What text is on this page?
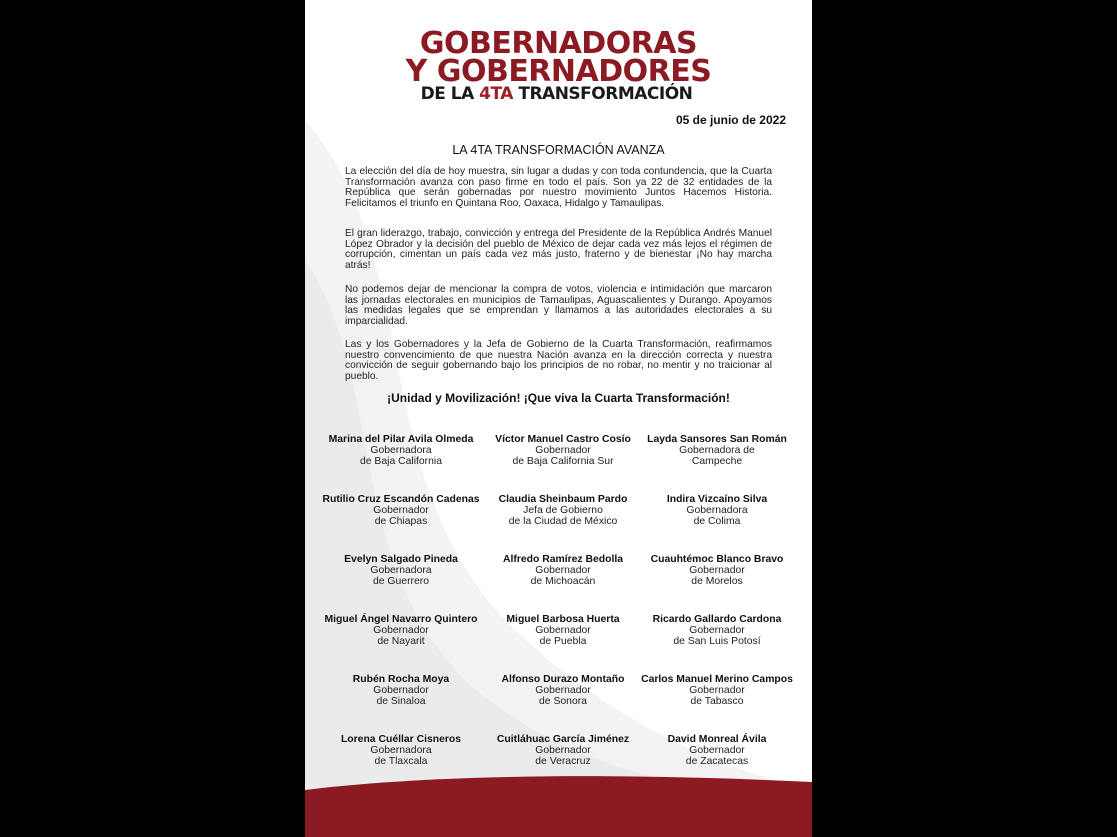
GOBERNADORAS
Y GOBERNADORES
DE LA 4TA TRANSFORMACIÓN
05 de junio de 2022
LA 4TA TRANSFORMACIÓN AVANZA

La elección del día de hoy muestra, sin lugar a dudas y con toda contundencia, que la Cuarta Transformación avanza con paso firme en todo el país. Son ya 22 de 32 entidades de la República que serán gobernadas por nuestro movimiento Juntos Hacemos Historia. Felicitamos el triunfo en Quintana Roo, Oaxaca, Hidalgo y Tamaulipas.

El gran liderazgo, trabajo, convicción y entrega del Presidente de la República Andrés Manuel López Obrador y la decisión del pueblo de México de dejar cada vez más lejos el régimen de corrupción, cimentan un país cada vez más justo, fraterno y de bienestar ¡No hay marcha atrás!

No podemos dejar de mencionar la compra de votos, violencia e intimidación que marcaron las jornadas electorales en municipios de Tamaulipas, Aguascalientes y Durango. Apoyamos las medidas legales que se emprendan y llamamos a las autoridades electorales a su imparcialidad.

Las y los Gobernadores y la Jefa de Gobierno de la Cuarta Transformación, reafirmamos nuestro convencimiento de que nuestra Nación avanza en la dirección correcta y nuestra convicción de seguir gobernando bajo los principios de no robar, no mentir y no traicionar al pueblo.

¡Unidad y Movilización! ¡Que viva la Cuarta Transformación!
Marina del Pilar Avila Olmeda
Gobernadora
de Baja California
Víctor Manuel Castro Cosío
Gobernador
de Baja California Sur
Layda Sansores San Román
Gobernadora de
Campeche
Rutilio Cruz Escandón Cadenas
Gobernador
de Chiapas
Claudia Sheinbaum Pardo
Jefa de Gobierno
de la Ciudad de México
Indira Vizcaíno Silva
Gobernadora
de Colima
Evelyn Salgado Pineda
Gobernadora
de Guerrero
Alfredo Ramírez Bedolla
Gobernador
de Michoacán
Cuauhtémoc Blanco Bravo
Gobernador
de Morelos
Miguel Ángel Navarro Quintero
Gobernador
de Nayarit
Miguel Barbosa Huerta
Gobernador
de Puebla
Ricardo Gallardo Cardona
Gobernador
de San Luis Potosí
Rubén Rocha Moya
Gobernador
de Sinaloa
Alfonso Durazo Montaño
Gobernador
de Sonora
Carlos Manuel Merino Campos
Gobernador
de Tabasco
Lorena Cuéllar Cisneros
Gobernadora
de Tlaxcala
Cuitláhuac García Jiménez
Gobernador
de Veracruz
David Monreal Ávila
Gobernador
de Zacatecas
